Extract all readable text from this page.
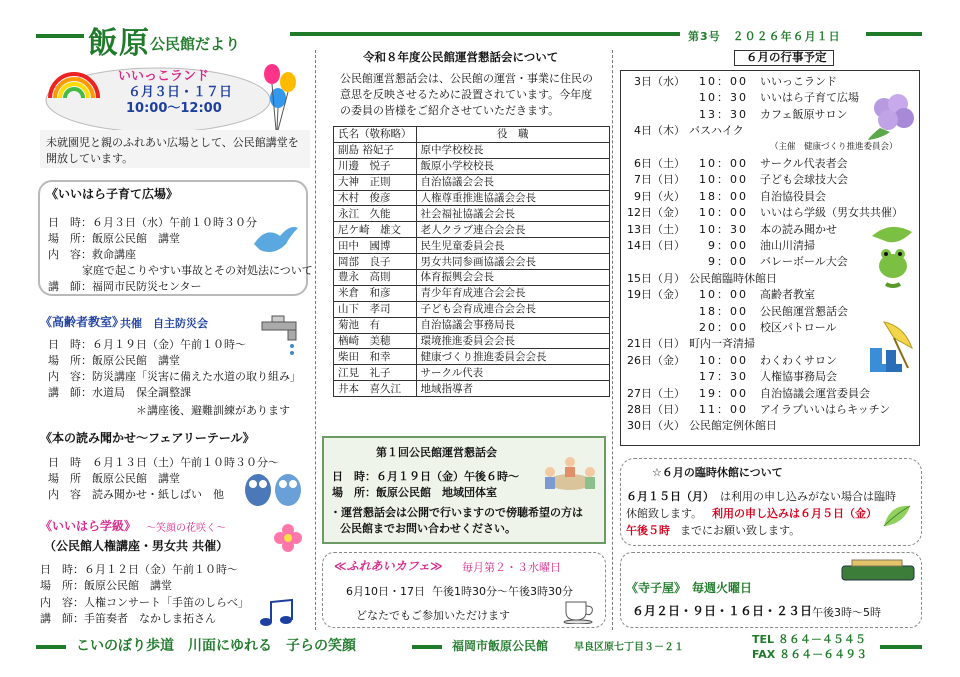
飯原 公民館だより	第3号　２０２６年６月１日
いいっこランド
６月３日・１７日
10:00～12:00
未就園児と親のふれあい広場として、公民館講堂を
開放しています。
《いいはら子育て広場》
日　時：６月３日（水）午前１０時３０分
場　所：飯原公民館　講堂
内　容：救命講座
家庭で起こりやすい事故とその対処法について
講　師：福岡市民防災センター
《高齢者教室》
共催　自主防災会
日　時：６月１９日（金）午前１０時～
場　所：飯原公民館　講堂
内　容：防災講座「災害に備えた水道の取り組み」
講　師：水道局　保全調整課
＊講座後、避難訓練があります
《本の読み聞かせ～フェアリーテール》
日　時　６月１３日（土）午前１０時３０分～
場　所　飯原公民館　講堂
内　容　読み聞かせ・紙しばい　他
《いいはら学級》 ～笑顔の花咲く～
（公民館人権講座・男女共 共催）
日　時：６月１２日（金）午前１０時～
場　所：飯原公民館　講堂
内　容：人権コンサート「手笛のしらべ」
講　師：手笛奏者　なかしま拓さん
令和８年度公民館運営懇話会について
公民館運営懇話会は、公民館の運営・事業に住民の
意思を反映させるために設置されています。今年度
の委員の皆様をご紹介させていただきます。
氏名（敬称略）	役　職
副島 裕妃子	原中学校校長
川邊　悦子	飯原小学校校長
大神　正則	自治協議会会長
木村　俊彦	人権尊重推進協議会会長
永江　久能	社会福祉協議会会長
尼ケ崎　雄文	老人クラブ連合会会長
田中　國博	民生児童委員会長
岡部　良子	男女共同参画協議会会長
豊永　高則	体育振興会会長
米倉　和彦	青少年育成連合会会長
山下　孝司	子ども会育成連合会会長
菊池　有	自治協議会事務局長
楢崎　美穂	環境推進委員会会長
柴田　和幸	健康づくり推進委員会会長
江見　礼子	サークル代表
井本　喜久江	地域指導者
第１回公民館運営懇話会
日　時：６月１９日（金）午後６時～
場　所：飯原公民館　地域団体室
・運営懇話会は公開で行いますので傍聴希望の方は
公民館までお問い合わせください。
≪ふれあいカフェ≫ 毎月第２・３水曜日
6月10日・17日 午後1時30分～午後3時30分
どなたでもご参加いただけます
６月の行事予定
3日（水） 10：00 いいっこランド
10：30 いいはら子育て広場
13：30 カフェ飯原サロン
4日（木） バスハイク
（主催　健康づくり推進委員会）
6日（土） 10：00 サークル代表者会
7日（日） 10：00 子ども会球技大会
9日（火） 18：00 自治協役員会
12日（金） 10：00 いいはら学級（男女共共催）
13日（土） 10：30 本の読み聞かせ
14日（日） 9：00 油山川清掃
9：00 バレーボール大会
15日（月） 公民館臨時休館日
19日（金） 10：00 高齢者教室
18：00 公民館運営懇話会
20：00 校区パトロール
21日（日） 町内一斉清掃
26日（金） 10：00 わくわくサロン
17：30 人権協事務局会
27日（土） 19：00 自治協議会運営委員会
28日（日） 11：00 アイラブいいはらキッチン
30日（火） 公民館定例休館日
☆６月の臨時休館について
６月１５日（月） は利用の申し込みがない場合は臨時
休館致します。 利用の申し込みは６月５日（金）
午後５時 までにお願い致します。
《寺子屋》 毎週火曜日
６月２日・９日・１６日・２３日 午後3時～5時
こいのぼり歩道　川面にゆれる　子らの笑顔	福岡市飯原公民館	早良区原七丁目３－２１
TEL ８６４－４５４５
FAX ８６４－６４９３
